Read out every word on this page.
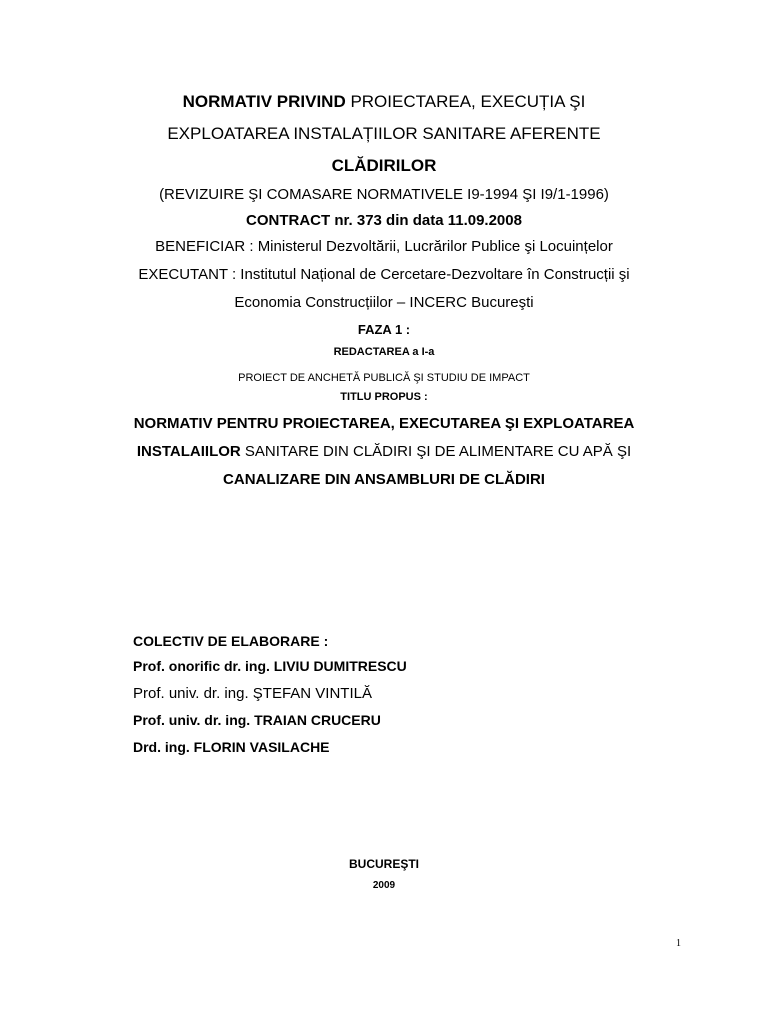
NORMATIV PRIVIND PROIECTAREA, EXECUȚIA ŞI
EXPLOATAREA INSTALAȚIILOR SANITARE AFERENTE
CLĂDIRILOR
(REVIZUIRE ŞI COMASARE NORMATIVELE I9-1994 ŞI I9/1-1996)
CONTRACT nr. 373 din data 11.09.2008
BENEFICIAR : Ministerul Dezvoltării, Lucrărilor Publice şi Locuințelor
EXECUTANT : Institutul Național de Cercetare-Dezvoltare în Construcții şi
Economia Construcțiilor – INCERC Bucureşti
FAZA 1 :
REDACTAREA a I-a
PROIECT DE ANCHETĂ PUBLICĂ ŞI STUDIU DE IMPACT
TITLU PROPUS :
NORMATIV PENTRU PROIECTAREA, EXECUTAREA ŞI EXPLOATAREA
INSTALAIILOR SANITARE DIN CLĂDIRI ŞI DE ALIMENTARE CU APĂ ŞI
CANALIZARE DIN ANSAMBLURI DE CLĂDIRI
COLECTIV DE ELABORARE :
Prof. onorific dr. ing. LIVIU DUMITRESCU
Prof. univ. dr. ing. ŞTEFAN VINTILĂ
Prof. univ. dr. ing. TRAIAN CRUCERU
Drd. ing. FLORIN VASILACHE
BUCUREŞTI
2009
1
